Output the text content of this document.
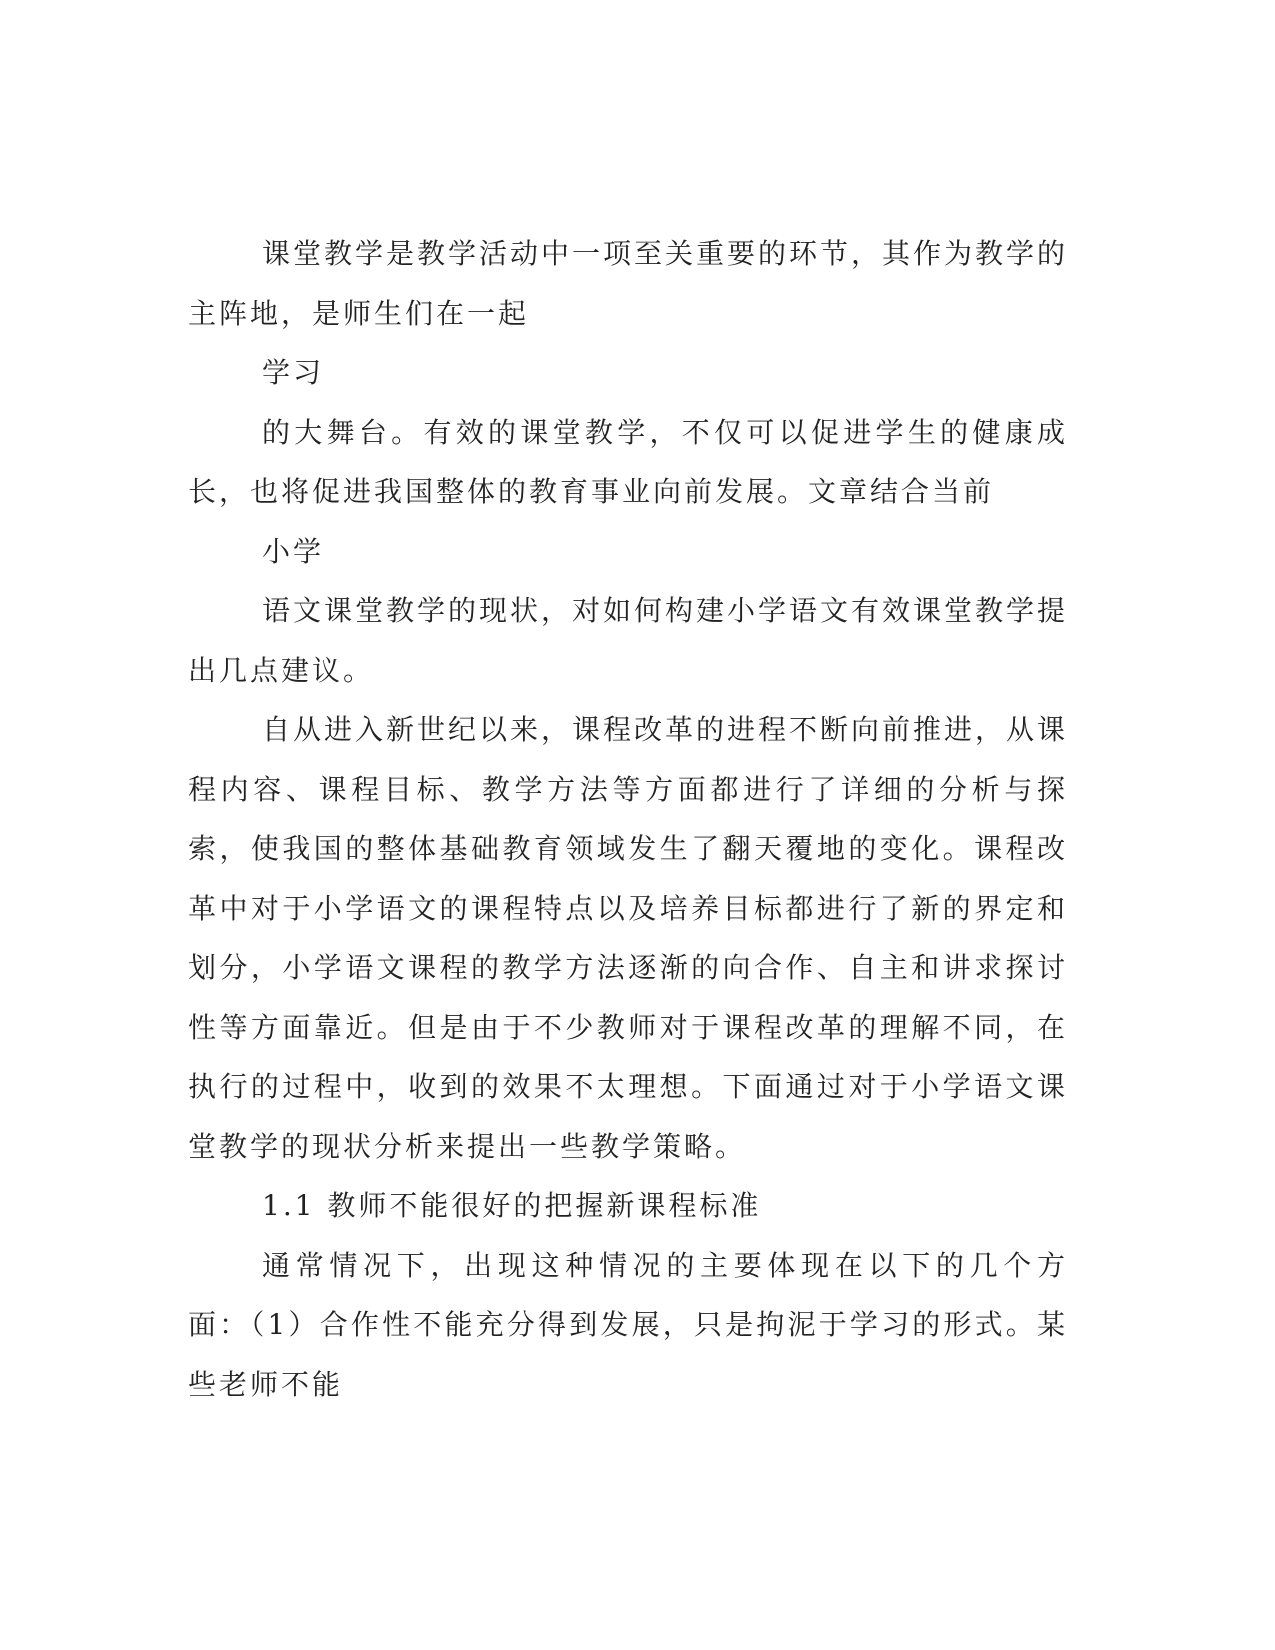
课堂教学是教学活动中一项至关重要的环节，其作为教学的主阵地，是师生们在一起

学习

的大舞台。有效的课堂教学，不仅可以促进学生的健康成长，也将促进我国整体的教育事业向前发展。文章结合当前

小学

语文课堂教学的现状，对如何构建小学语文有效课堂教学提出几点建议。

自从进入新世纪以来，课程改革的进程不断向前推进，从课程内容、课程目标、教学方法等方面都进行了详细的分析与探索，使我国的整体基础教育领域发生了翻天覆地的变化。课程改革中对于小学语文的课程特点以及培养目标都进行了新的界定和划分，小学语文课程的教学方法逐渐的向合作、自主和讲求探讨性等方面靠近。但是由于不少教师对于课程改革的理解不同，在执行的过程中，收到的效果不太理想。下面通过对于小学语文课堂教学的现状分析来提出一些教学策略。

1.1 教师不能很好的把握新课程标准

通常情况下，出现这种情况的主要体现在以下的几个方面：（1）合作性不能充分得到发展，只是拘泥于学习的形式。某些老师不能
